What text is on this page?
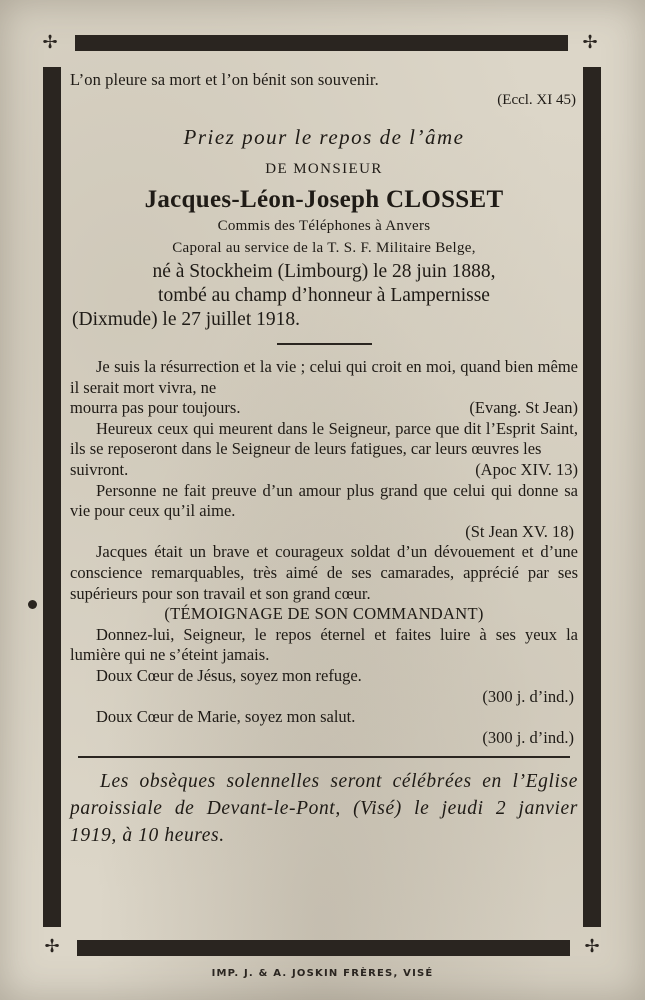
✢	✢
✢	✢
L’on pleure sa mort et l’on bénit son souvenir.
(Eccl. XI 45)
Priez pour le repos de l’âme
DE MONSIEUR
Jacques-Léon-Joseph CLOSSET
Commis des Téléphones à Anvers
Caporal au service de la T. S. F. Militaire Belge,
né à Stockheim (Limbourg) le 28 juin 1888,
tombé au champ d’honneur à Lampernisse
(Dixmude) le 27 juillet 1918.
Je suis la résurrection et la vie ; celui qui croit en moi, quand bien même il serait mort vivra, ne
mourra pas pour toujours.	(Evang. St Jean)
Heureux ceux qui meurent dans le Seigneur, parce que dit l’Esprit Saint, ils se reposeront dans le Seigneur de leurs fatigues, car leurs œuvres les
suivront.	(Apoc XIV. 13)
Personne ne fait preuve d’un amour plus grand que celui qui donne sa vie pour ceux qu’il aime.
(St Jean XV. 18)
Jacques était un brave et courageux soldat d’un dévouement et d’une conscience remarquables, très aimé de ses camarades, apprécié par ses supérieurs pour son travail et son grand cœur.
(TÉMOIGNAGE DE SON COMMANDANT)
Donnez-lui, Seigneur, le repos éternel et faites luire à ses yeux la lumière qui ne s’éteint jamais.
Doux Cœur de Jésus, soyez mon refuge.
(300 j. d’ind.)
Doux Cœur de Marie, soyez mon salut.
(300 j. d’ind.)
Les obsèques solennelles seront célébrées en l’Eglise paroissiale de Devant-le-Pont, (Visé) le jeudi 2 janvier 1919, à 10 heures.
IMP. J. & A. JOSKIN FRÈRES, VISÉ
